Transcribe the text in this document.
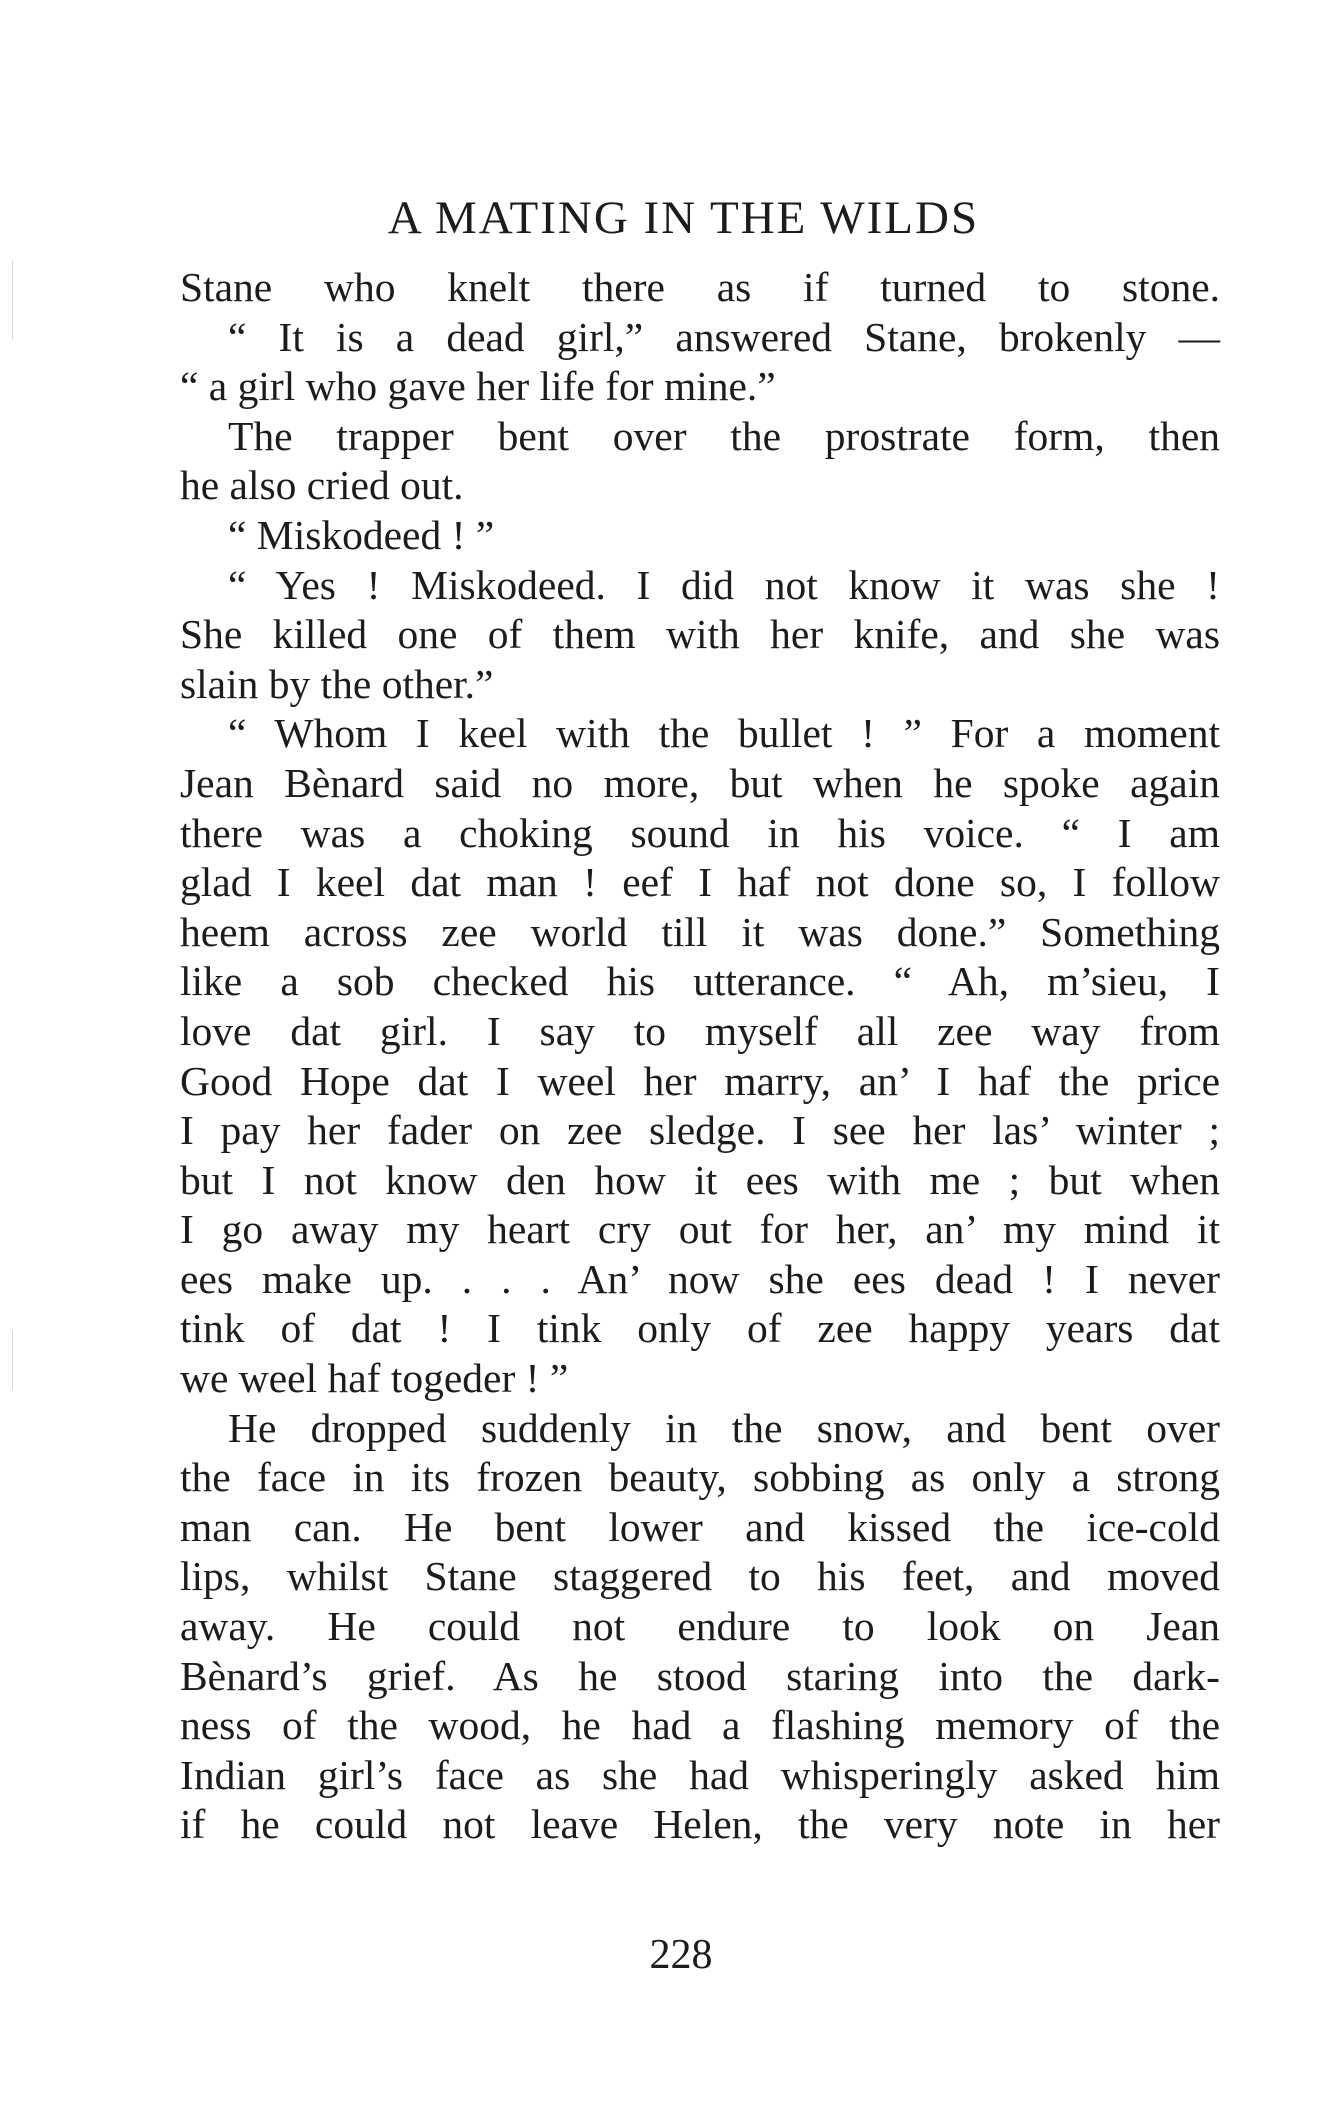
A MATING IN THE WILDS
Stane who knelt there as if turned to stone.
“ It is a dead girl,” answered Stane, brokenly —
“ a girl who gave her life for mine.”
The trapper bent over the prostrate form, then
he also cried out.
“ Miskodeed ! ”
“ Yes ! Miskodeed. I did not know it was she !
She killed one of them with her knife, and she was
slain by the other.”
“ Whom I keel with the bullet ! ” For a moment
Jean Bènard said no more, but when he spoke again
there was a choking sound in his voice. “ I am
glad I keel dat man ! eef I haf not done so, I follow
heem across zee world till it was done.” Something
like a sob checked his utterance. “ Ah, m’sieu, I
love dat girl. I say to myself all zee way from
Good Hope dat I weel her marry, an’ I haf the price
I pay her fader on zee sledge. I see her las’ winter ;
but I not know den how it ees with me ; but when
I go away my heart cry out for her, an’ my mind it
ees make up. . . . An’ now she ees dead ! I never
tink of dat ! I tink only of zee happy years dat
we weel haf togeder ! ”
He dropped suddenly in the snow, and bent over
the face in its frozen beauty, sobbing as only a strong
man can. He bent lower and kissed the ice-cold
lips, whilst Stane staggered to his feet, and moved
away. He could not endure to look on Jean
Bènard’s grief. As he stood staring into the dark-
ness of the wood, he had a flashing memory of the
Indian girl’s face as she had whisperingly asked him
if he could not leave Helen, the very note in her
228
